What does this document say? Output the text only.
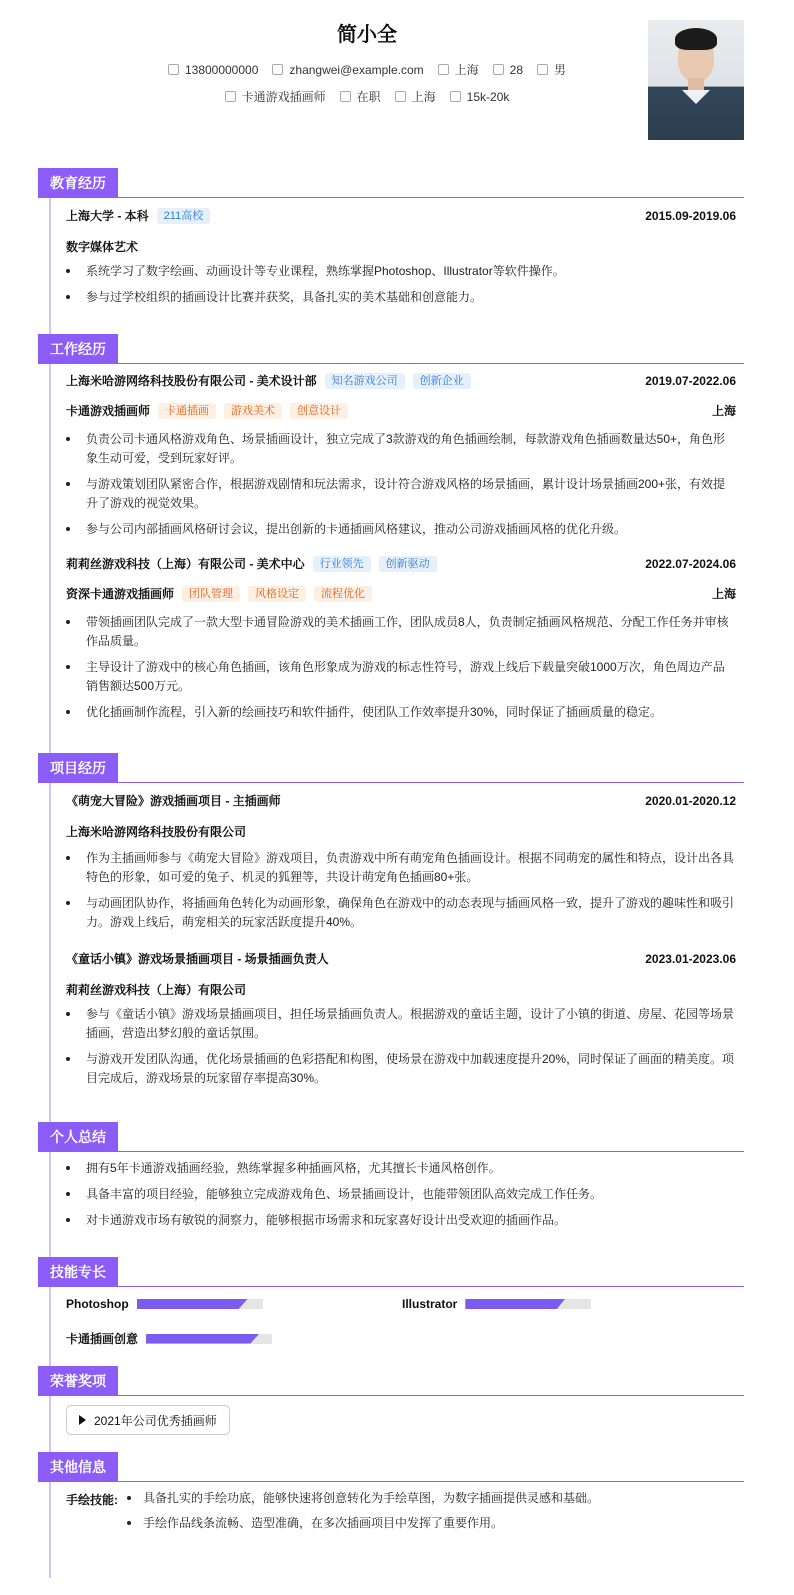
简小全
13800000000	zhangwei@example.com	上海	28	男
卡通游戏插画师	在职	上海	15k-20k
教育经历
上海大学 - 本科	211高校	2015.09-2019.06
数字媒体艺术
系统学习了数字绘画、动画设计等专业课程，熟练掌握Photoshop、Illustrator等软件操作。
参与过学校组织的插画设计比赛并获奖，具备扎实的美术基础和创意能力。
工作经历
上海米哈游网络科技股份有限公司 - 美术设计部	知名游戏公司	创新企业	2019.07-2022.06
卡通游戏插画师	卡通插画	游戏美术	创意设计	上海
负责公司卡通风格游戏角色、场景插画设计，独立完成了3款游戏的角色插画绘制，每款游戏角色插画数量达50+，角色形象生动可爱，受到玩家好评。
与游戏策划团队紧密合作，根据游戏剧情和玩法需求，设计符合游戏风格的场景插画，累计设计场景插画200+张，有效提升了游戏的视觉效果。
参与公司内部插画风格研讨会议，提出创新的卡通插画风格建议，推动公司游戏插画风格的优化升级。
莉莉丝游戏科技（上海）有限公司 - 美术中心	行业领先	创新驱动	2022.07-2024.06
资深卡通游戏插画师	团队管理	风格设定	流程优化	上海
带领插画团队完成了一款大型卡通冒险游戏的美术插画工作，团队成员8人，负责制定插画风格规范、分配工作任务并审核作品质量。
主导设计了游戏中的核心角色插画，该角色形象成为游戏的标志性符号，游戏上线后下载量突破1000万次，角色周边产品销售额达500万元。
优化插画制作流程，引入新的绘画技巧和软件插件，使团队工作效率提升30%，同时保证了插画质量的稳定。
项目经历
《萌宠大冒险》游戏插画项目 - 主插画师	2020.01-2020.12
上海米哈游网络科技股份有限公司
作为主插画师参与《萌宠大冒险》游戏项目，负责游戏中所有萌宠角色插画设计。根据不同萌宠的属性和特点，设计出各具特色的形象，如可爱的兔子、机灵的狐狸等，共设计萌宠角色插画80+张。
与动画团队协作，将插画角色转化为动画形象，确保角色在游戏中的动态表现与插画风格一致，提升了游戏的趣味性和吸引力。游戏上线后，萌宠相关的玩家活跃度提升40%。
《童话小镇》游戏场景插画项目 - 场景插画负责人	2023.01-2023.06
莉莉丝游戏科技（上海）有限公司
参与《童话小镇》游戏场景插画项目，担任场景插画负责人。根据游戏的童话主题，设计了小镇的街道、房屋、花园等场景插画，营造出梦幻般的童话氛围。
与游戏开发团队沟通，优化场景插画的色彩搭配和构图，使场景在游戏中加载速度提升20%，同时保证了画面的精美度。项目完成后，游戏场景的玩家留存率提高30%。
个人总结
拥有5年卡通游戏插画经验，熟练掌握多种插画风格，尤其擅长卡通风格创作。
具备丰富的项目经验，能够独立完成游戏角色、场景插画设计，也能带领团队高效完成工作任务。
对卡通游戏市场有敏锐的洞察力，能够根据市场需求和玩家喜好设计出受欢迎的插画作品。
技能专长
Photoshop	Illustrator
卡通插画创意
荣誉奖项
2021年公司优秀插画师
其他信息
手绘技能:	具备扎实的手绘功底，能够快速将创意转化为手绘草图，为数字插画提供灵感和基础。
手绘作品线条流畅、造型准确，在多次插画项目中发挥了重要作用。
